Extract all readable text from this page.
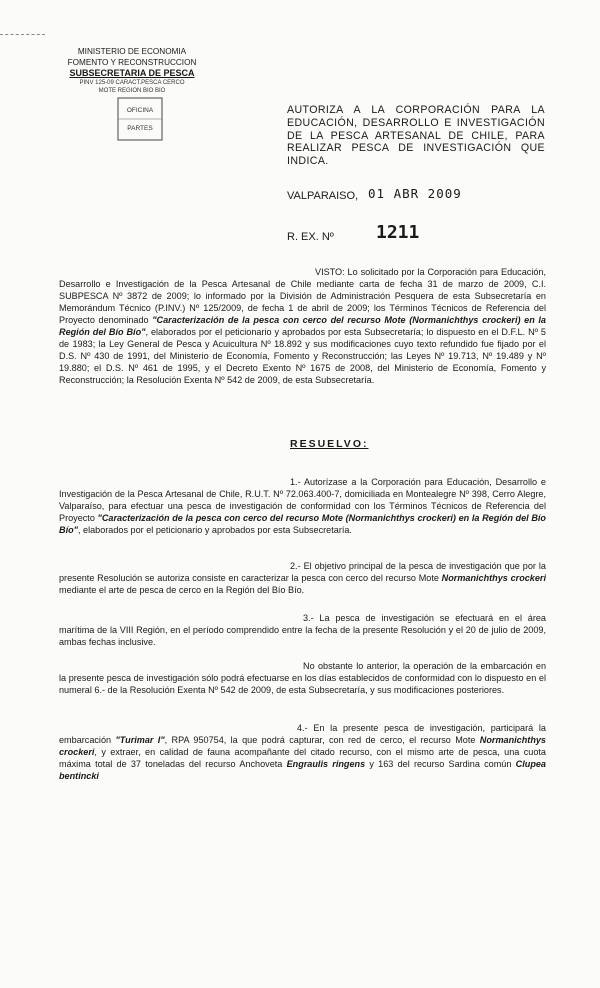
MINISTERIO DE ECONOMIA
FOMENTO Y RECONSTRUCCION
SUBSECRETARIA DE PESCA
PINV 125-09 CARACT.PESCA CERCO
MOTE REGION BIO BIO
OFICINA
PARTES
AUTORIZA A LA CORPORACIÓN PARA LA EDUCACIÓN, DESARROLLO E INVESTIGACIÓN DE LA PESCA ARTESANAL DE CHILE, PARA REALIZAR PESCA DE INVESTIGACIÓN QUE INDICA.
VALPARAISO, 01 ABR 2009
R. EX. Nº 1211
VISTO: Lo solicitado por la Corporación para Educación, Desarrollo e Investigación de la Pesca Artesanal de Chile mediante carta de fecha 31 de marzo de 2009, C.I. SUBPESCA Nº 3872 de 2009; lo informado por la División de Administración Pesquera de esta Subsecretaría en Memorándum Técnico (P.INV.) Nº 125/2009, de fecha 1 de abril de 2009; los Términos Técnicos de Referencia del Proyecto denominado "Caracterización de la pesca con cerco del recurso Mote (Normanichthys crockeri) en la Región del Bío Bío", elaborados por el peticionario y aprobados por esta Subsecretaría; lo dispuesto en el D.F.L. Nº 5 de 1983; la Ley General de Pesca y Acuicultura Nº 18.892 y sus modificaciones cuyo texto refundido fue fijado por el D.S. Nº 430 de 1991, del Ministerio de Economía, Fomento y Reconstrucción; las Leyes Nº 19.713, Nº 19.489 y Nº 19.880; el D.S. Nº 461 de 1995, y el Decreto Exento Nº 1675 de 2008, del Ministerio de Economía, Fomento y Reconstrucción; la Resolución Exenta Nº 542 de 2009, de esta Subsecretaría.
RESUELVO:
1.- Autorízase a la Corporación para Educación, Desarrollo e Investigación de la Pesca Artesanal de Chile, R.U.T. Nº 72.063.400-7, domiciliada en Montealegre Nº 398, Cerro Alegre, Valparaíso, para efectuar una pesca de investigación de conformidad con los Términos Técnicos de Referencia del Proyecto "Caracterización de la pesca con cerco del recurso Mote (Normanichthys crockeri) en la Región del Bío Bío", elaborados por el peticionario y aprobados por esta Subsecretaría.
2.- El objetivo principal de la pesca de investigación que por la presente Resolución se autoriza consiste en caracterizar la pesca con cerco del recurso Mote Normanichthys crockeri mediante el arte de pesca de cerco en la Región del Bío Bío.
3.- La pesca de investigación se efectuará en el área marítima de la VIII Región, en el período comprendido entre la fecha de la presente Resolución y el 20 de julio de 2009, ambas fechas inclusive.
No obstante lo anterior, la operación de la embarcación en la presente pesca de investigación sólo podrá efectuarse en los días establecidos de conformidad con lo dispuesto en el numeral 6.- de la Resolución Exenta Nº 542 de 2009, de esta Subsecretaría, y sus modificaciones posteriores.
4.- En la presente pesca de investigación, participará la embarcación "Turimar I", RPA 950754, la que podrá capturar, con red de cerco, el recurso Mote Normanichthys crockeri, y extraer, en calidad de fauna acompañante del citado recurso, con el mismo arte de pesca, una cuota máxima total de 37 toneladas del recurso Anchoveta Engraulis ringens y 163 del recurso Sardina común Clupea bentincki
